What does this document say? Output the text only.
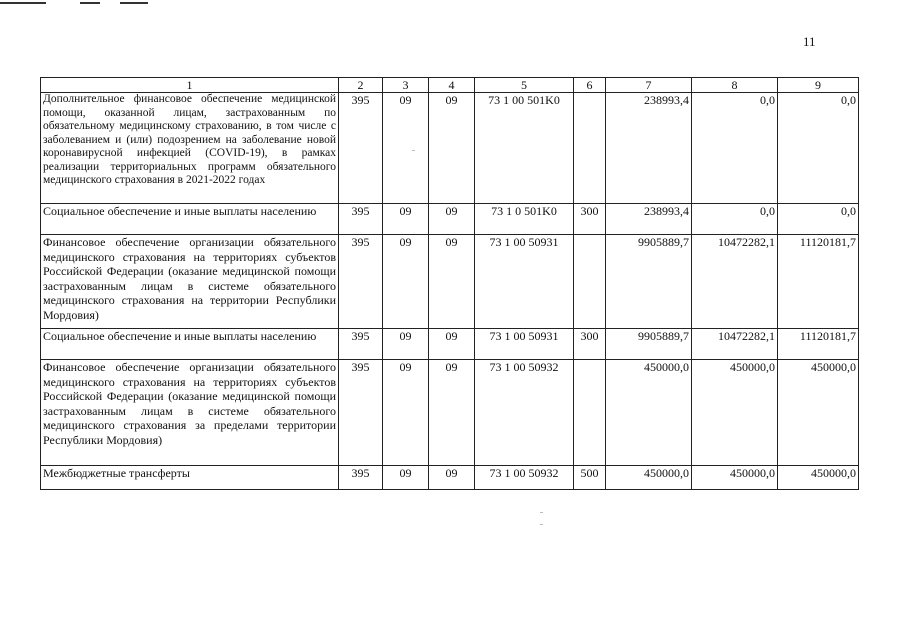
11
1	2	3	4	5	6	7	8	9
Дополнительное финансовое обеспечение медицинской помощи, оказанной лицам, застрахованным по обязательному медицинскому страхованию, в том числе с заболеванием и (или) подозрением на заболевание новой коронавирусной инфекцией (COVID-19), в рамках реализации территориальных программ обязательного медицинского страхования в 2021-2022 годах	395	09	09	73 1 00 501K0		238993,4	0,0	0,0
Социальное обеспечение и иные выплаты населению	395	09	09	73 1 0 501K0	300	238993,4	0,0	0,0
Финансовое обеспечение организации обязательного медицинского страхования на территориях субъектов Российской Федерации (оказание медицинской помощи застрахованным лицам в системе обязательного медицинского страхования на территории Республики Мордовия)	395	09	09	73 1 00 50931		9905889,7	10472282,1	11120181,7
Социальное обеспечение и иные выплаты населению	395	09	09	73 1 00 50931	300	9905889,7	10472282,1	11120181,7
Финансовое обеспечение организации обязательного медицинского страхования на территориях субъектов Российской Федерации (оказание медицинской помощи застрахованным лицам в системе обязательного медицинского страхования за пределами территории Республики Мордовия)	395	09	09	73 1 00 50932		450000,0	450000,0	450000,0
Межбюджетные трансферты	395	09	09	73 1 00 50932	500	450000,0	450000,0	450000,0
